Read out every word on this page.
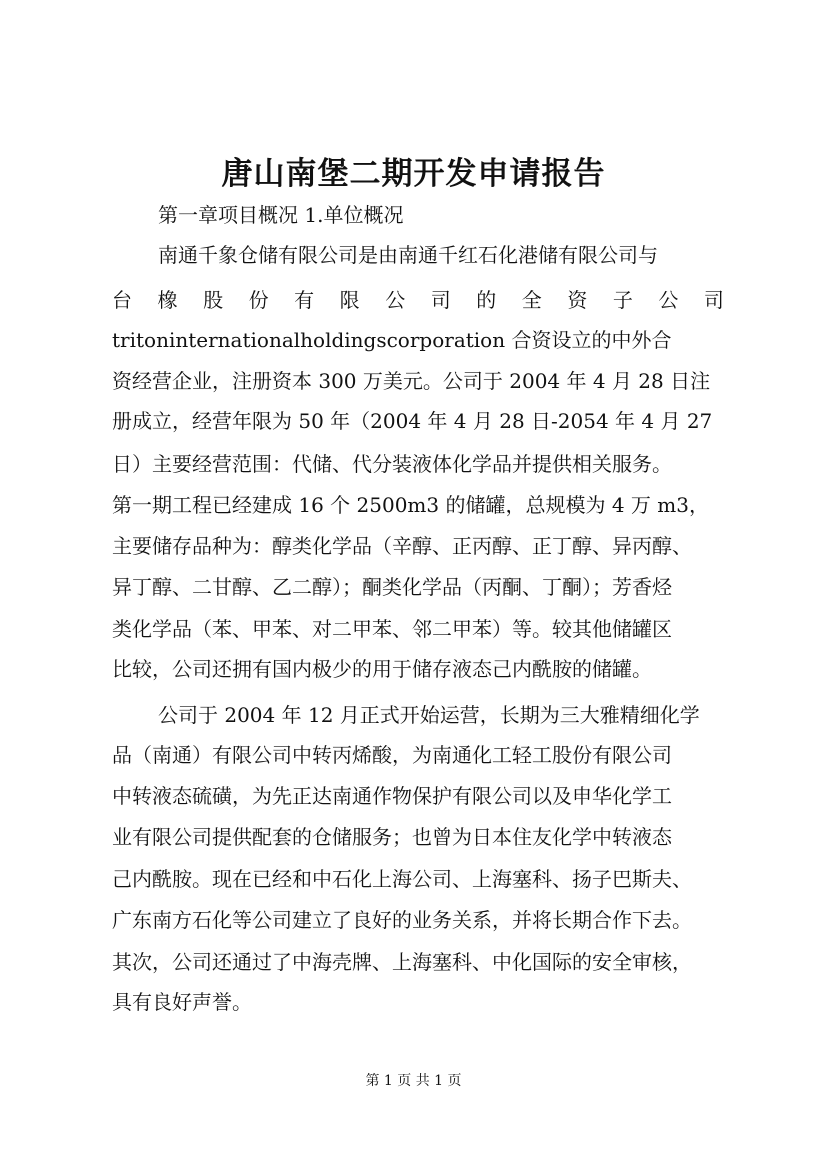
唐山南堡二期开发申请报告

第一章项目概况 1.单位概况

南通千象仓储有限公司是由南通千红石化港储有限公司与

台 橡 股 份 有 限 公 司 的 全 资 子 公 司

tritoninternationalholdingscorporation 合资设立的中外合

资经营企业，注册资本 300 万美元。公司于 2004 年 4 月 28 日注

册成立，经营年限为 50 年（2004 年 4 月 28 日-2054 年 4 月 27

日）主要经营范围：代储、代分装液体化学品并提供相关服务。

第一期工程已经建成 16 个 2500m3 的储罐，总规模为 4 万 m3，

主要储存品种为：醇类化学品（辛醇、正丙醇、正丁醇、异丙醇、

异丁醇、二甘醇、乙二醇）；酮类化学品（丙酮、丁酮）；芳香烃

类化学品（苯、甲苯、对二甲苯、邻二甲苯）等。较其他储罐区

比较，公司还拥有国内极少的用于储存液态己内酰胺的储罐。

公司于 2004 年 12 月正式开始运营，长期为三大雅精细化学

品（南通）有限公司中转丙烯酸，为南通化工轻工股份有限公司

中转液态硫磺，为先正达南通作物保护有限公司以及申华化学工

业有限公司提供配套的仓储服务；也曾为日本住友化学中转液态

己内酰胺。现在已经和中石化上海公司、上海塞科、扬子巴斯夫、

广东南方石化等公司建立了良好的业务关系，并将长期合作下去。

其次，公司还通过了中海壳牌、上海塞科、中化国际的安全审核，

具有良好声誉。

第 1 页 共 1 页
